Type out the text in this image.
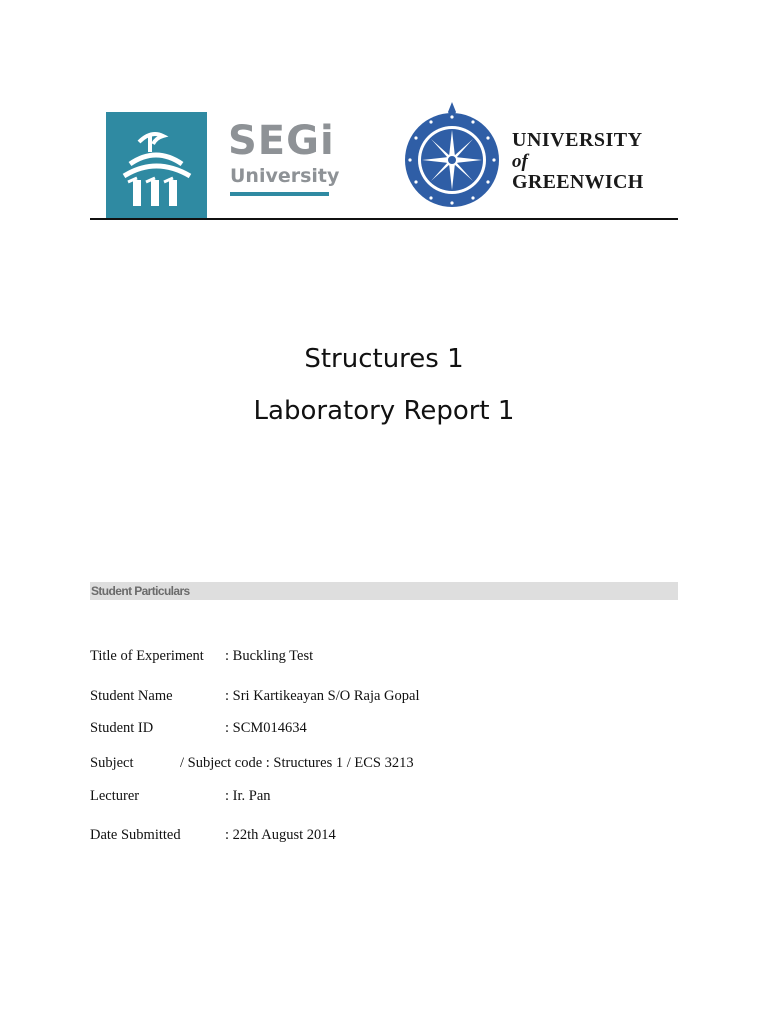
SEGi
University
UNIVERSITY
of
GREENWICH
Structures 1
Laboratory Report 1
Student Particulars
Title of Experiment : Buckling Test
Student Name	: Sri Kartikeayan S/O Raja Gopal
Student ID	: SCM014634
Subject	/ Subject code : Structures 1 / ECS 3213
Lecturer	: Ir. Pan
Date Submitted	: 22th August 2014
